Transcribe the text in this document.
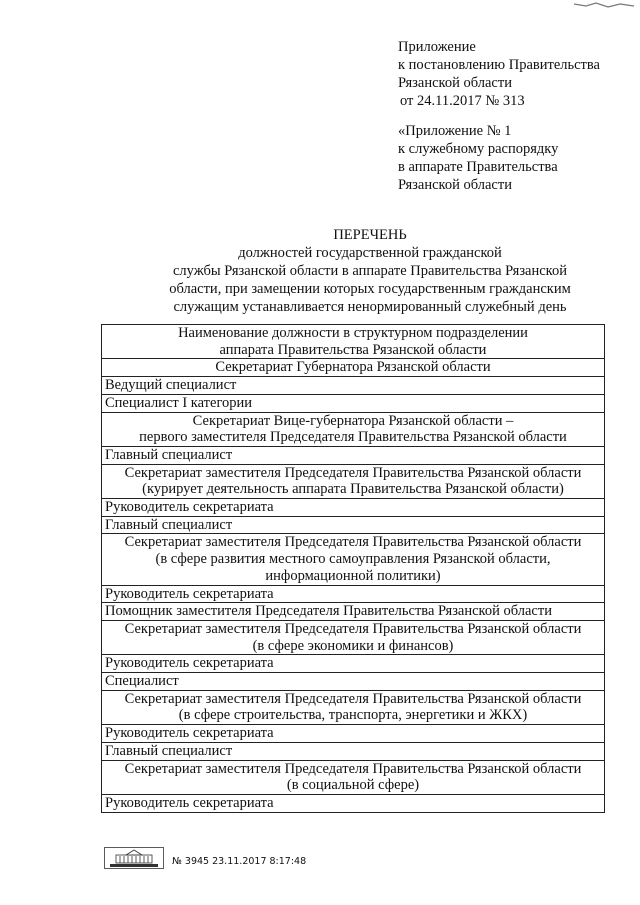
Приложение
к постановлению Правительства
Рязанской области
от 24.11.2017 № 313
«Приложение № 1
к служебному распорядку
в аппарате Правительства
Рязанской области
ПЕРЕЧЕНЬ
должностей государственной гражданской
службы Рязанской области в аппарате Правительства Рязанской
области, при замещении которых государственным гражданским
служащим устанавливается ненормированный служебный день
Наименование должности в структурном подразделении
аппарата Правительства Рязанской области

Секретариат Губернатора Рязанской области

Ведущий специалист

Специалист I категории

Секретариат Вице-губернатора Рязанской области –
первого заместителя Председателя Правительства Рязанской области

Главный специалист

Секретариат заместителя Председателя Правительства Рязанской области
(курирует деятельность аппарата Правительства Рязанской области)

Руководитель секретариата

Главный специалист

Секретариат заместителя Председателя Правительства Рязанской области
(в сфере развития местного самоуправления Рязанской области,
информационной политики)

Руководитель секретариата

Помощник заместителя Председателя Правительства Рязанской области

Секретариат заместителя Председателя Правительства Рязанской области
(в сфере экономики и финансов)

Руководитель секретариата

Специалист

Секретариат заместителя Председателя Правительства Рязанской области
(в сфере строительства, транспорта, энергетики и ЖКХ)

Руководитель секретариата

Главный специалист

Секретариат заместителя Председателя Правительства Рязанской области
(в социальной сфере)

Руководитель секретариата
№ 3945 23.11.2017 8:17:48
